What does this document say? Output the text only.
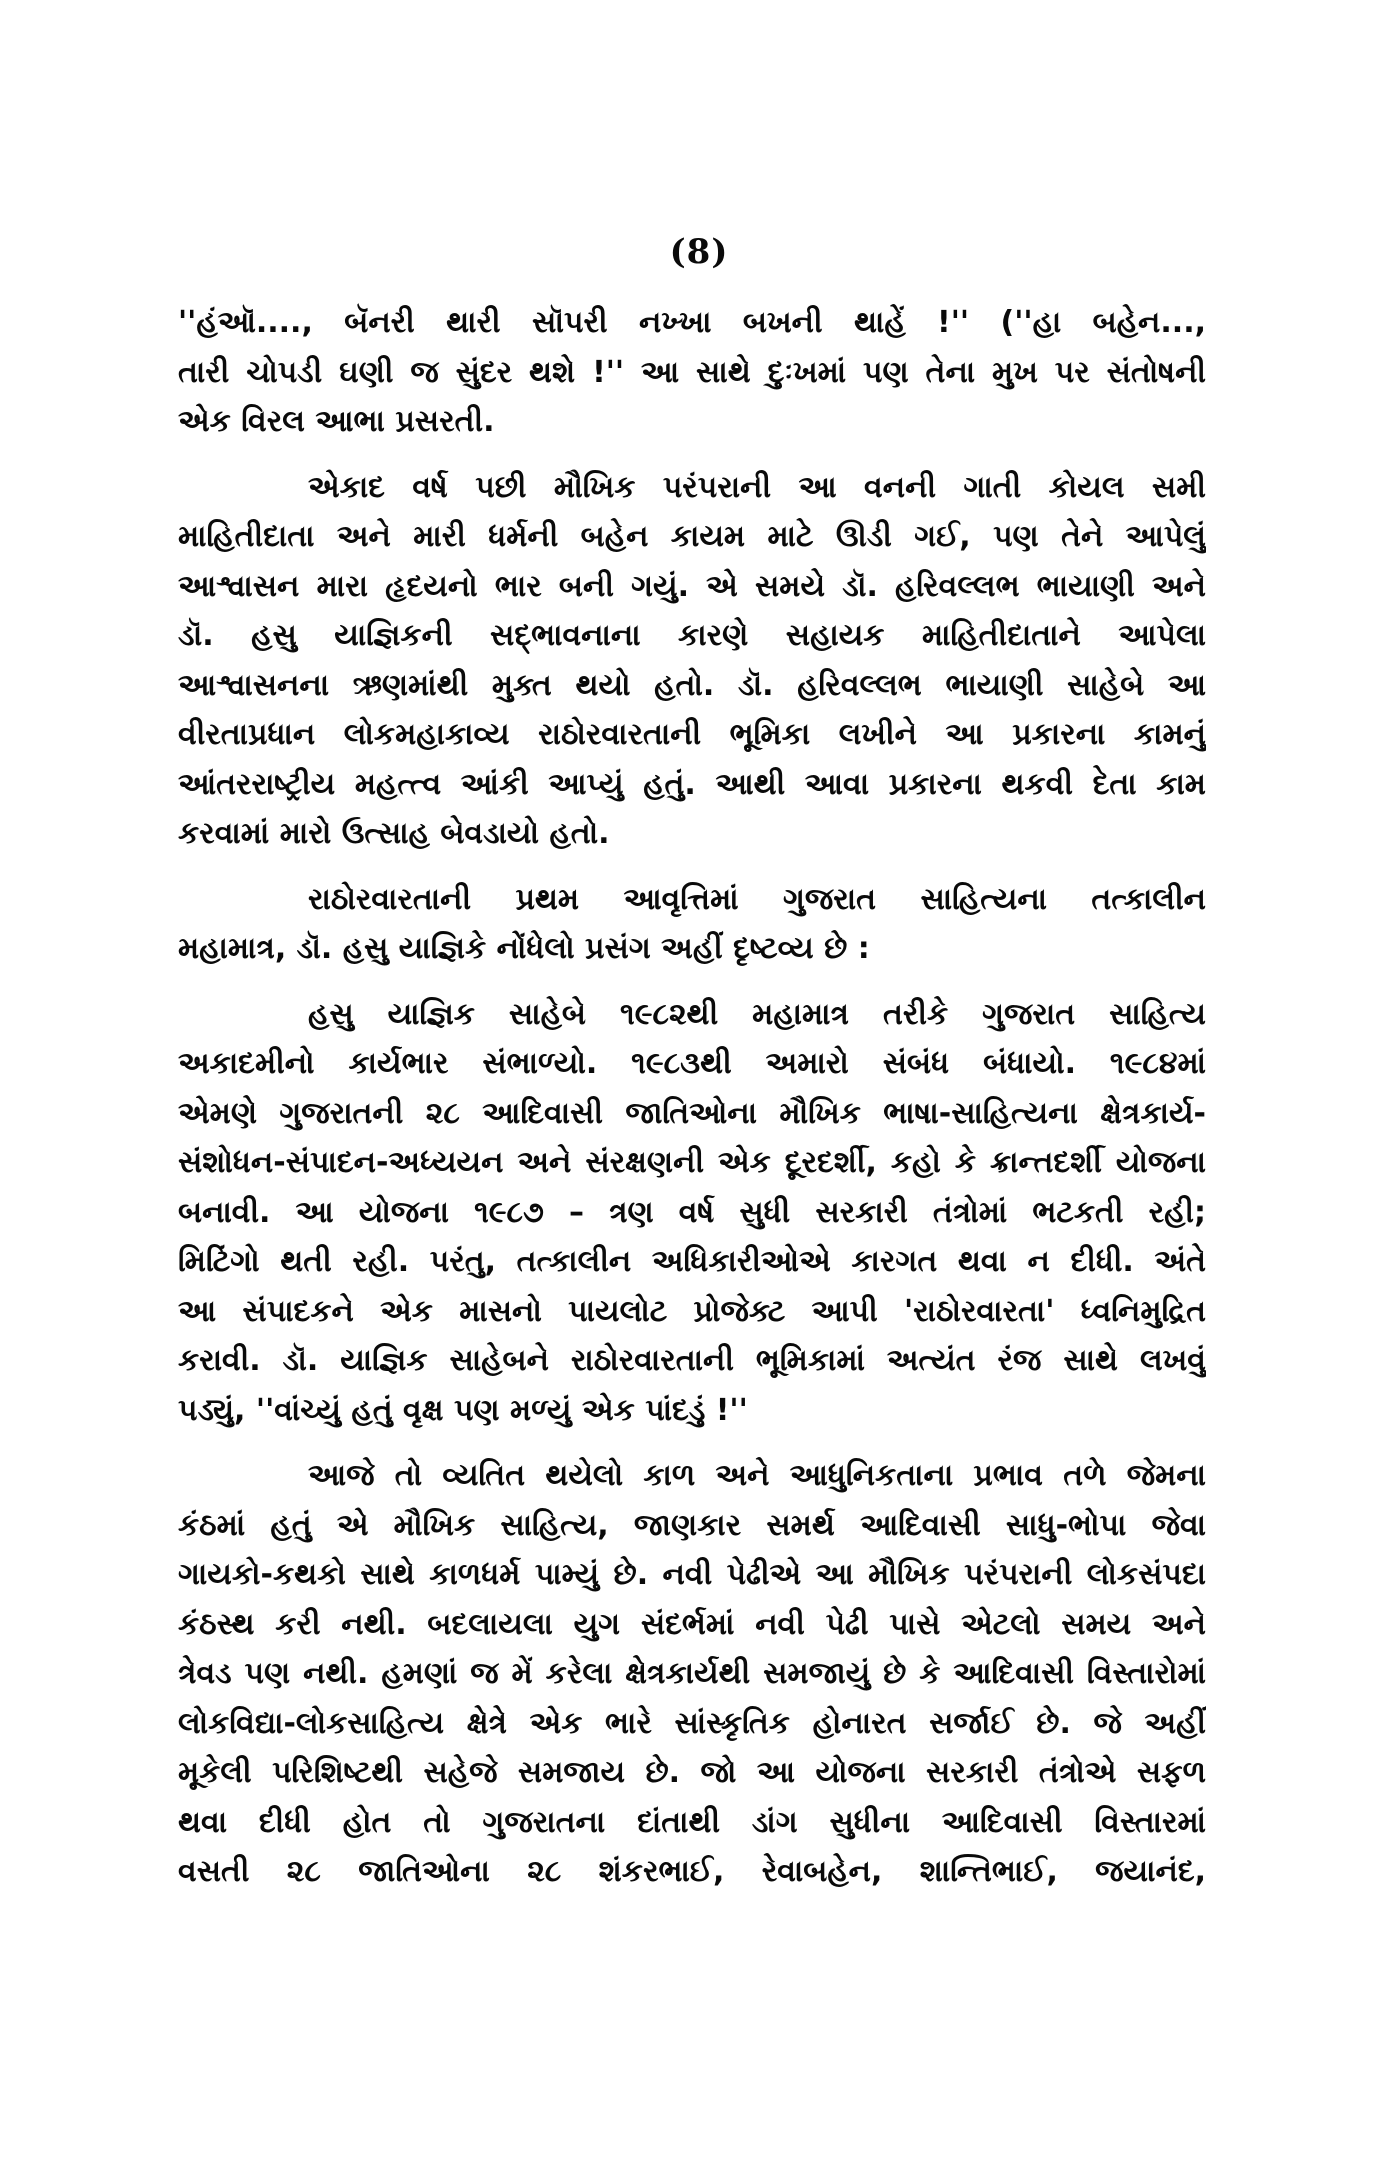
(8)
''હંઑ...., બૅનરી થારી સૉપરી નખ્ખા બખની થાહેં !'' (''હા બહેન...,
તારી ચોપડી ઘણી જ સુંદર થશે !'' આ સાથે દુઃખમાં પણ તેના મુખ પર સંતોષની
એક વિરલ આભા પ્રસરતી.
એકાદ વર્ષ પછી મૌખિક પરંપરાની આ વનની ગાતી કોયલ સમી
માહિતીદાતા અને મારી ધર્મની બહેન કાયમ માટે ઊડી ગઈ, પણ તેને આપેલું
આશ્વાસન મારા હૃદયનો ભાર બની ગયું. એ સમયે ડૉ. હરિવલ્લભ ભાયાણી અને
ડૉ. હસુ યાજ્ઞિકની સદ્ભાવનાના કારણે સહાયક માહિતીદાતાને આપેલા
આશ્વાસનના ઋણમાંથી મુક્ત થયો હતો. ડૉ. હરિવલ્લભ ભાયાણી સાહેબે આ
વીરતાપ્રધાન લોકમહાકાવ્ય રાઠોરવારતાની ભૂમિકા લખીને આ પ્રકારના કામનું
આંતરરાષ્ટ્રીય મહત્ત્વ આંકી આપ્યું હતું. આથી આવા પ્રકારના થકવી દેતા કામ
કરવામાં મારો ઉત્સાહ બેવડાયો હતો.
રાઠોરવારતાની પ્રથમ આવૃત્તિમાં ગુજરાત સાહિત્યના તત્કાલીન
મહામાત્ર, ડૉ. હસુ યાજ્ઞિકે નોંધેલો પ્રસંગ અહીં દૃષ્ટવ્ય છે :
હસુ યાજ્ઞિક સાહેબે ૧૯૮૨થી મહામાત્ર તરીકે ગુજરાત સાહિત્ય
અકાદમીનો કાર્યભાર સંભાળ્યો. ૧૯૮૩થી અમારો સંબંધ બંધાયો. ૧૯૮૪માં
એમણે ગુજરાતની ૨૮ આદિવાસી જાતિઓના મૌખિક ભાષા-સાહિત્યના ક્ષેત્રકાર્ય-
સંશોધન-સંપાદન-અધ્યયન અને સંરક્ષણની એક દૂરદર્શી, કહો કે ક્રાન્તદર્શી યોજના
બનાવી. આ યોજના ૧૯૮૭ – ત્રણ વર્ષ સુધી સરકારી તંત્રોમાં ભટકતી રહી;
મિટિંગો થતી રહી. પરંતુ, તત્કાલીન અધિકારીઓએ કારગત થવા ન દીધી. અંતે
આ સંપાદકને એક માસનો પાયલોટ પ્રોજેક્ટ આપી 'રાઠોરવારતા' ધ્વનિમુદ્રિત
કરાવી. ડૉ. યાજ્ઞિક સાહેબને રાઠોરવારતાની ભૂમિકામાં અત્યંત રંજ સાથે લખવું
પડ્યું, ''વાંચ્યું હતું વૃક્ષ પણ મળ્યું એક પાંદડું !''
આજે તો વ્યતિત થયેલો કાળ અને આધુનિકતાના પ્રભાવ તળે જેમના
કંઠમાં હતું એ મૌખિક સાહિત્ય, જાણકાર સમર્થ આદિવાસી સાધુ-ભોપા જેવા
ગાયકો-કથકો સાથે કાળધર્મ પામ્યું છે. નવી પેઢીએ આ મૌખિક પરંપરાની લોકસંપદા
કંઠસ્થ કરી નથી. બદલાયલા યુગ સંદર્ભમાં નવી પેઢી પાસે એટલો સમય અને
ત્રેવડ પણ નથી. હમણાં જ મેં કરેલા ક્ષેત્રકાર્યથી સમજાયું છે કે આદિવાસી વિસ્તારોમાં
લોકવિદ્યા-લોકસાહિત્ય ક્ષેત્રે એક ભારે સાંસ્કૃતિક હોનારત સર્જાઈ છે. જે અહીં
મૂકેલી પરિશિષ્ટથી સહેજે સમજાય છે. જો આ યોજના સરકારી તંત્રોએ સફળ
થવા દીધી હોત તો ગુજરાતના દાંતાથી ડાંગ સુધીના આદિવાસી વિસ્તારમાં
વસતી ૨૮ જાતિઓના ૨૮ શંકરભાઈ, રેવાબહેન, શાન્તિભાઈ, જયાનંદ,
